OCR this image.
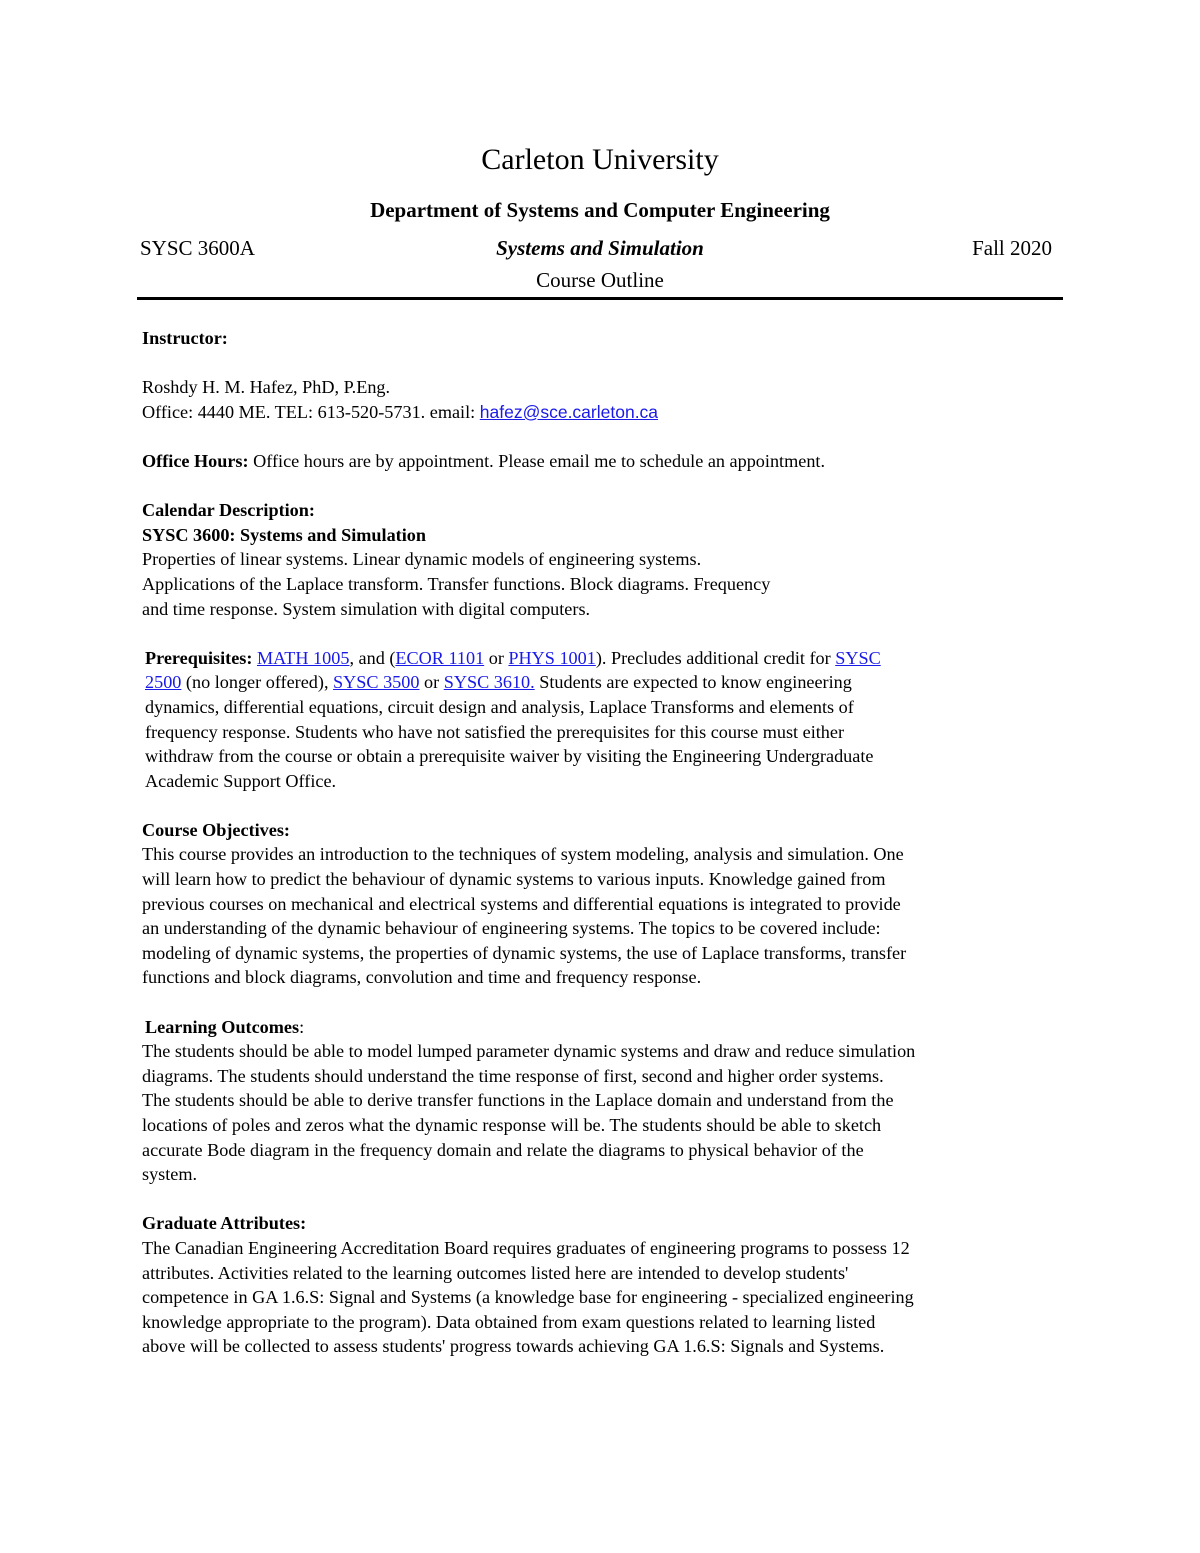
Carleton University
Department of Systems and Computer Engineering
SYSC 3600A	Systems and Simulation	Fall 2020
Course Outline

Instructor:

Roshdy H. M. Hafez, PhD, P.Eng.

Office: 4440 ME. TEL: 613-520-5731. email: hafez@sce.carleton.ca

Office Hours: Office hours are by appointment. Please email me to schedule an appointment.

Calendar Description:

SYSC 3600: Systems and Simulation

Properties of linear systems. Linear dynamic models of engineering systems.

Applications of the Laplace transform. Transfer functions. Block diagrams. Frequency

and time response. System simulation with digital computers.

Prerequisites: MATH 1005, and (ECOR 1101 or PHYS 1001). Precludes additional credit for SYSC

2500 (no longer offered), SYSC 3500 or SYSC 3610. Students are expected to know engineering

dynamics, differential equations, circuit design and analysis, Laplace Transforms and elements of

frequency response. Students who have not satisfied the prerequisites for this course must either

withdraw from the course or obtain a prerequisite waiver by visiting the Engineering Undergraduate

Academic Support Office.

Course Objectives:

This course provides an introduction to the techniques of system modeling, analysis and simulation. One

will learn how to predict the behaviour of dynamic systems to various inputs. Knowledge gained from

previous courses on mechanical and electrical systems and differential equations is integrated to provide

an understanding of the dynamic behaviour of engineering systems. The topics to be covered include:

modeling of dynamic systems, the properties of dynamic systems, the use of Laplace transforms, transfer

functions and block diagrams, convolution and time and frequency response.

Learning Outcomes:

The students should be able to model lumped parameter dynamic systems and draw and reduce simulation

diagrams. The students should understand the time response of first, second and higher order systems.

The students should be able to derive transfer functions in the Laplace domain and understand from the

locations of poles and zeros what the dynamic response will be. The students should be able to sketch

accurate Bode diagram in the frequency domain and relate the diagrams to physical behavior of the

system.

Graduate Attributes:

The Canadian Engineering Accreditation Board requires graduates of engineering programs to possess 12

attributes. Activities related to the learning outcomes listed here are intended to develop students'

competence in GA 1.6.S: Signal and Systems (a knowledge base for engineering - specialized engineering

knowledge appropriate to the program). Data obtained from exam questions related to learning listed

above will be collected to assess students' progress towards achieving GA 1.6.S: Signals and Systems.
